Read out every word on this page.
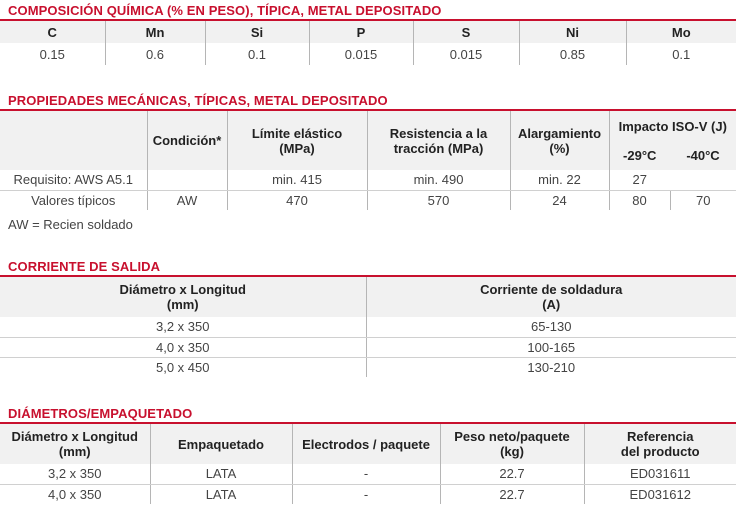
COMPOSICIÓN QUÍMICA (% EN PESO), TÍPICA, METAL DEPOSITADO
C	Mn	Si	P	S	Ni	Mo
0.15	0.6	0.1	0.015	0.015	0.85	0.1
PROPIEDADES MECÁNICAS, TÍPICAS, METAL DEPOSITADO
	Condición*	Límite elástico (MPa)	Resistencia a la tracción (MPa)	Alargamiento (%)	Impacto ISO-V (J)	
					-29°C	-40°C
Requisito: AWS A5.1		min. 415	min. 490	min. 22	27	
Valores típicos	AW	470	570	24	80	70
AW = Recien soldado
CORRIENTE DE SALIDA
Diámetro x Longitud (mm)	Corriente de soldadura (A)
3,2 x 350	65-130
4,0 x 350	100-165
5,0 x 450	130-210
DIÁMETROS/EMPAQUETADO
Diámetro x Longitud (mm)	Empaquetado	Electrodos / paquete	Peso neto/paquete (kg)	Referencia del producto
3,2 x 350	LATA	-	22.7	ED031611
4,0 x 350	LATA	-	22.7	ED031612
